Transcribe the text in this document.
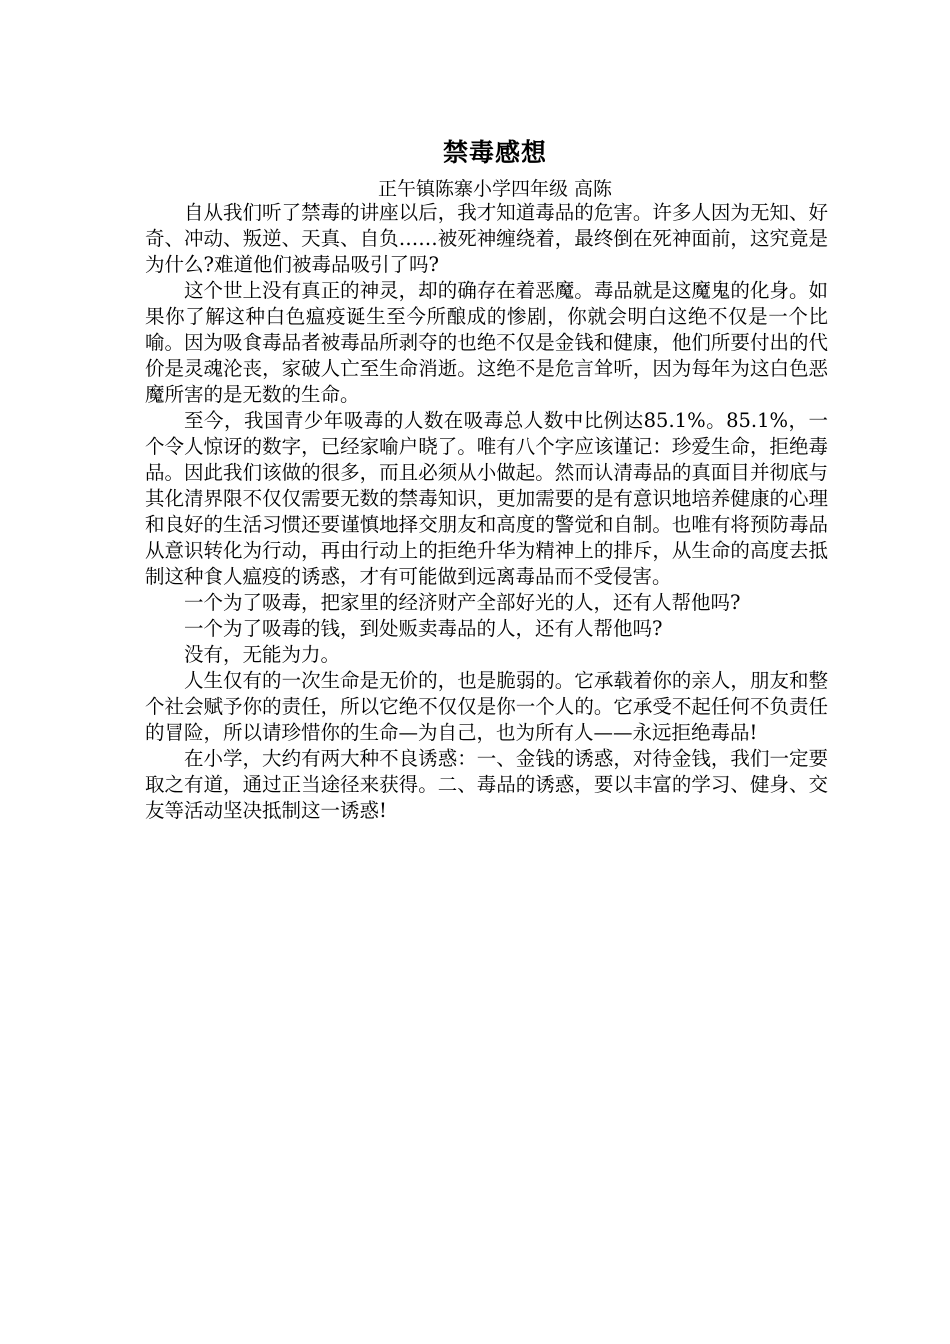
禁毒感想
正午镇陈寨小学四年级 高陈

自从我们听了禁毒的讲座以后，我才知道毒品的危害。许多人因为无知、好奇、冲动、叛逆、天真、自负……被死神缠绕着，最终倒在死神面前，这究竟是为什么?难道他们被毒品吸引了吗?

这个世上没有真正的神灵，却的确存在着恶魔。毒品就是这魔鬼的化身。如果你了解这种白色瘟疫诞生至今所酿成的惨剧，你就会明白这绝不仅是一个比喻。因为吸食毒品者被毒品所剥夺的也绝不仅是金钱和健康，他们所要付出的代价是灵魂沦丧，家破人亡至生命消逝。这绝不是危言耸听，因为每年为这白色恶魔所害的是无数的生命。

至今，我国青少年吸毒的人数在吸毒总人数中比例达85.1%。85.1%，一个令人惊讶的数字，已经家喻户晓了。唯有八个字应该谨记：珍爱生命，拒绝毒品。因此我们该做的很多，而且必须从小做起。然而认清毒品的真面目并彻底与其化清界限不仅仅需要无数的禁毒知识，更加需要的是有意识地培养健康的心理和良好的生活习惯还要谨慎地择交朋友和高度的警觉和自制。也唯有将预防毒品从意识转化为行动，再由行动上的拒绝升华为精神上的排斥，从生命的高度去抵制这种食人瘟疫的诱惑，才有可能做到远离毒品而不受侵害。

一个为了吸毒，把家里的经济财产全部好光的人，还有人帮他吗?

一个为了吸毒的钱，到处贩卖毒品的人，还有人帮他吗?

没有，无能为力。

人生仅有的一次生命是无价的，也是脆弱的。它承载着你的亲人，朋友和整个社会赋予你的责任，所以它绝不仅仅是你一个人的。它承受不起任何不负责任的冒险，所以请珍惜你的生命—为自己，也为所有人——永远拒绝毒品!

在小学，大约有两大种不良诱惑：一、金钱的诱惑，对待金钱，我们一定要取之有道，通过正当途径来获得。二、毒品的诱惑，要以丰富的学习、健身、交友等活动坚决抵制这一诱惑!
